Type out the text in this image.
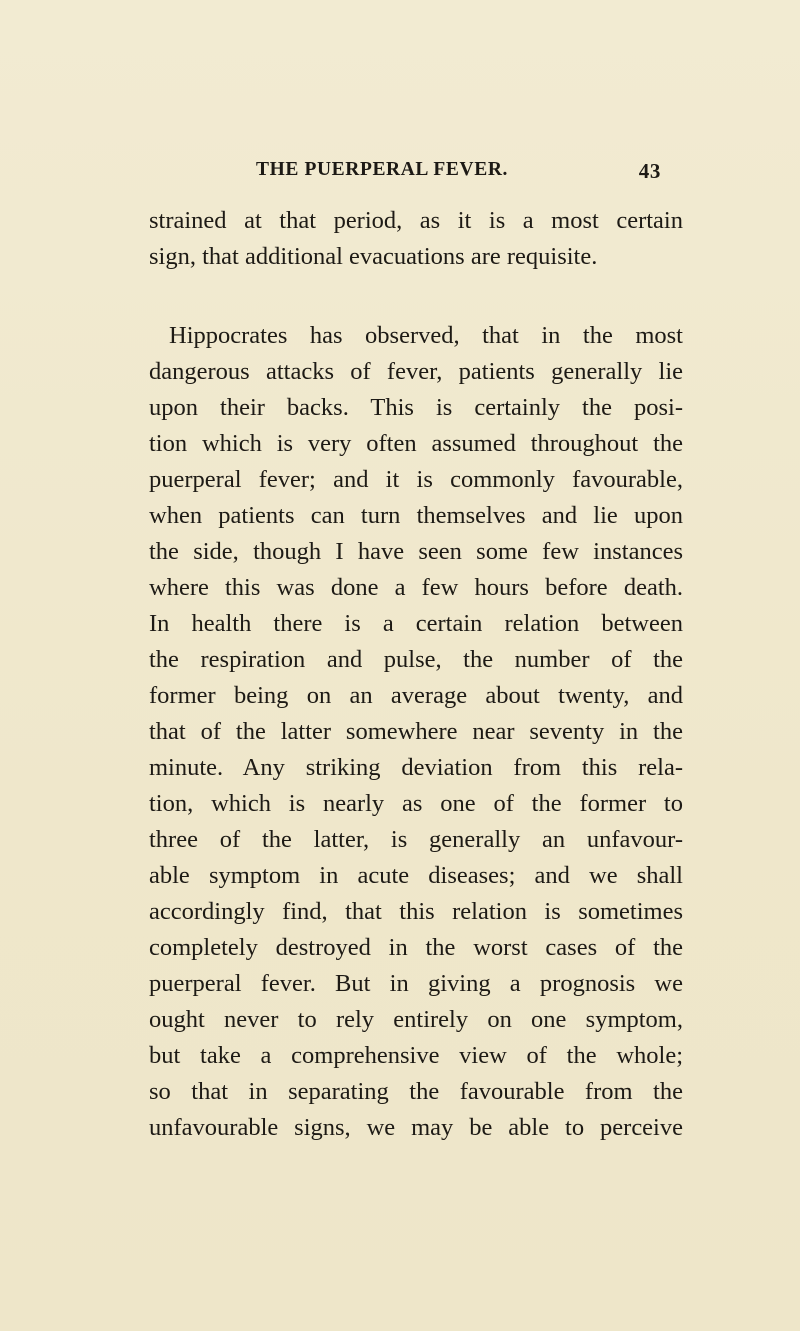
THE PUERPERAL FEVER.	43
strained at that period, as it is a most certain
sign, that additional evacuations are requisite.
Hippocrates has observed, that in the most
dangerous attacks of fever, patients generally lie
upon their backs. This is certainly the posi-
tion which is very often assumed throughout the
puerperal fever; and it is commonly favourable,
when patients can turn themselves and lie upon
the side, though I have seen some few instances
where this was done a few hours before death.
In health there is a certain relation between
the respiration and pulse, the number of the
former being on an average about twenty, and
that of the latter somewhere near seventy in the
minute. Any striking deviation from this rela-
tion, which is nearly as one of the former to
three of the latter, is generally an unfavour-
able symptom in acute diseases; and we shall
accordingly find, that this relation is sometimes
completely destroyed in the worst cases of the
puerperal fever. But in giving a prognosis we
ought never to rely entirely on one symptom,
but take a comprehensive view of the whole;
so that in separating the favourable from the
unfavourable signs, we may be able to perceive
